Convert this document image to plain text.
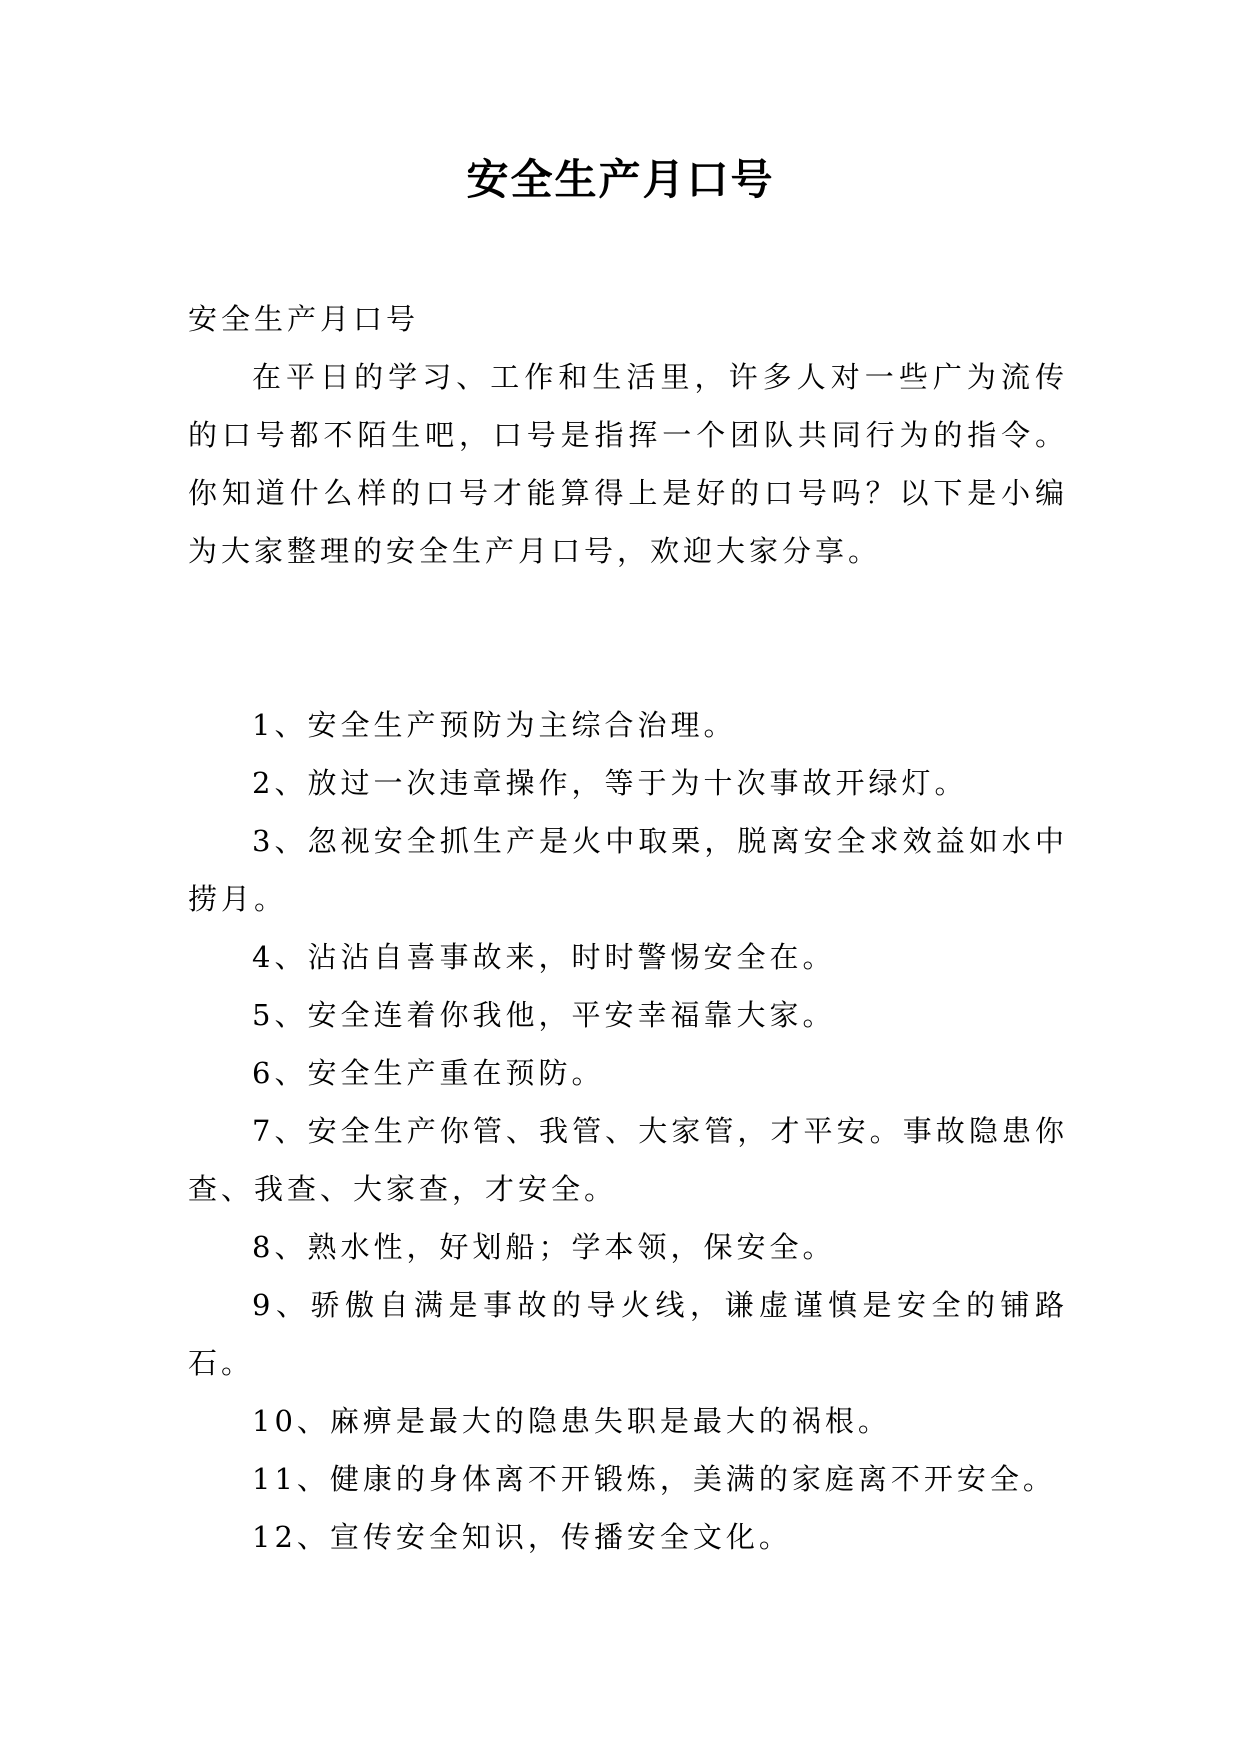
安全生产月口号

安全生产月口号

在平日的学习、工作和生活里，许多人对一些广为流传的口号都不陌生吧，口号是指挥一个团队共同行为的指令。你知道什么样的口号才能算得上是好的口号吗？以下是小编为大家整理的安全生产月口号，欢迎大家分享。

1、安全生产预防为主综合治理。
2、放过一次违章操作，等于为十次事故开绿灯。
3、忽视安全抓生产是火中取栗，脱离安全求效益如水中捞月。
4、沾沾自喜事故来，时时警惕安全在。
5、安全连着你我他，平安幸福靠大家。
6、安全生产重在预防。
7、安全生产你管、我管、大家管，才平安。事故隐患你查、我查、大家查，才安全。
8、熟水性，好划船；学本领，保安全。
9、骄傲自满是事故的导火线，谦虚谨慎是安全的铺路石。
10、麻痹是最大的隐患失职是最大的祸根。
11、健康的身体离不开锻炼，美满的家庭离不开安全。
12、宣传安全知识，传播安全文化。
